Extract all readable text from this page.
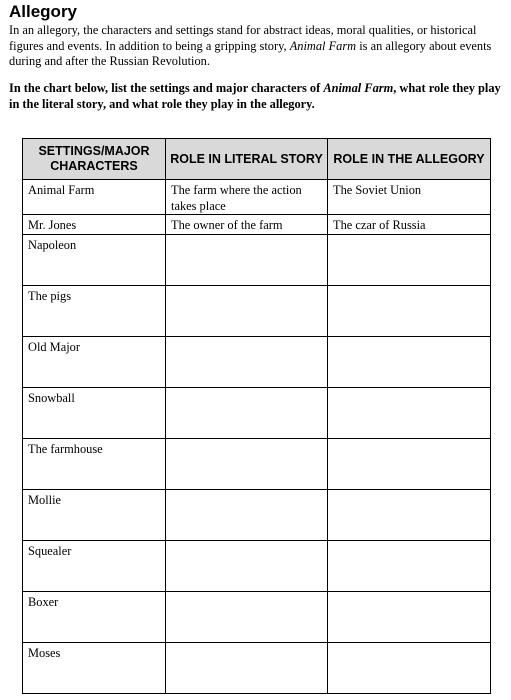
Allegory

In an allegory, the characters and settings stand for abstract ideas, moral qualities, or historical figures and events. In addition to being a gripping story, Animal Farm is an allegory about events during and after the Russian Revolution.

In the chart below, list the settings and major characters of Animal Farm, what role they play in the literal story, and what role they play in the allegory.

SETTINGS/MAJOR CHARACTERS	ROLE IN LITERAL STORY	ROLE IN THE ALLEGORY
Animal Farm	The farm where the action takes place	The Soviet Union
Mr. Jones	The owner of the farm	The czar of Russia
Napoleon		
The pigs		
Old Major		
Snowball		
The farmhouse		
Mollie		
Squealer		
Boxer		
Moses		
